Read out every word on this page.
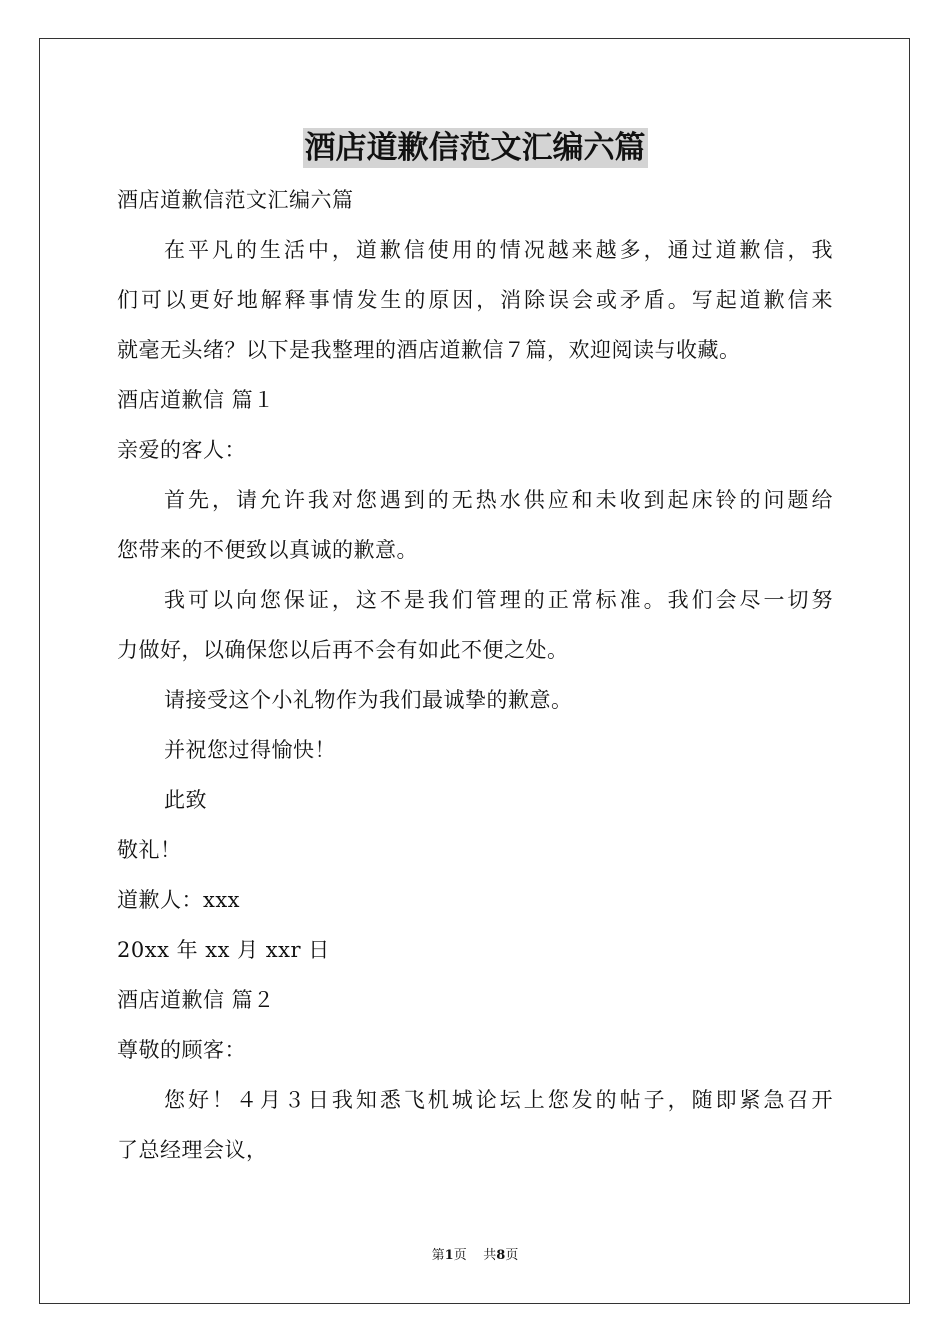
酒店道歉信范文汇编六篇
酒店道歉信范文汇编六篇
在平凡的生活中，道歉信使用的情况越来越多，通过道歉信，我
们可以更好地解释事情发生的原因，消除误会或矛盾。写起道歉信来
就毫无头绪？以下是我整理的酒店道歉信７篇，欢迎阅读与收藏。
酒店道歉信 篇１
亲爱的客人：
首先，请允许我对您遇到的无热水供应和未收到起床铃的问题给
您带来的不便致以真诚的歉意。
我可以向您保证，这不是我们管理的正常标准。我们会尽一切努
力做好，以确保您以后再不会有如此不便之处。
请接受这个小礼物作为我们最诚挚的歉意。
并祝您过得愉快！
此致
敬礼！
道歉人：xxx
20xx 年 xx 月 xxr 日
酒店道歉信 篇２
尊敬的顾客：
您好！４月３日我知悉飞机城论坛上您发的帖子，随即紧急召开
了总经理会议，
第1页 共8页
